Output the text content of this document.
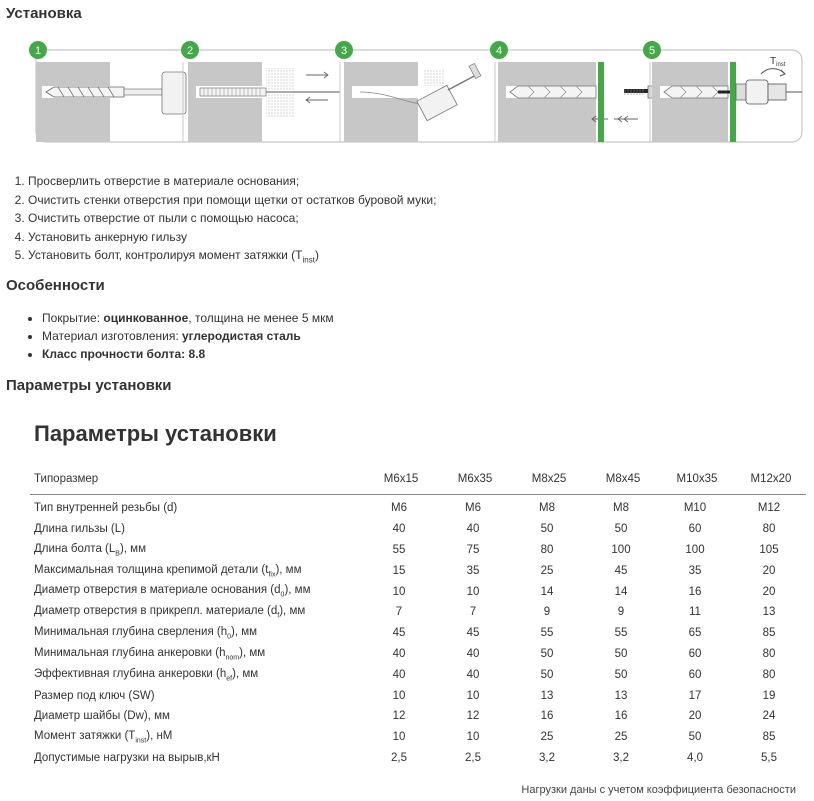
Установка
$T_{inst}$
1	2	3	4	5
1. Просверлить отверстие в материале основания;
2. Очистить стенки отверстия при помощи щетки от остатков буровой муки;
3. Очистить отверстие от пыли с помощью насоса;
4. Установить анкерную гильзу
5. Установить болт, контролируя момент затяжки $(T_{inst})$
Особенности
• Покрытие: оцинкованное, толщина не менее 5 мкм
• Материал изготовления: углеродистая сталь
• Класс прочности болта: 8.8
Параметры установки
Параметры установки
Типоразмер	M6x15	M6x35	M8x25	M8x45	M10x35	M12x20
Тип внутренней резьбы (d)	M6	M6	M8	M8	M10	M12
Длина гильзы (L)	40	40	50	50	60	80
Длина болта $(L_B)$, мм	55	75	80	100	100	105
Максимальная толщина крепимой детали $(t_{fix})$, мм	15	35	25	45	35	20
Диаметр отверстия в материале основания $(d_0)$, мм	10	10	14	14	16	20
Диаметр отверстия в прикрепл. материале $(d_f)$, мм	7	7	9	9	11	13
Минимальная глубина сверления $(h_0)$, мм	45	45	55	55	65	85
Минимальная глубина анкеровки $(h_{nom})$, мм	40	40	50	50	60	80
Эффективная глубина анкеровки $(h_{ef})$, мм	40	40	50	50	60	80
Размер под ключ (SW)	10	10	13	13	17	19
Диаметр шайбы (Dw), мм	12	12	16	16	20	24
Момент затяжки $(T_{inst})$, нМ	10	10	25	25	50	85
Допустимые нагрузки на вырыв,кН	2,5	2,5	3,2	3,2	4,0	5,5
Нагрузки даны с учетом коэффициента безопасности
